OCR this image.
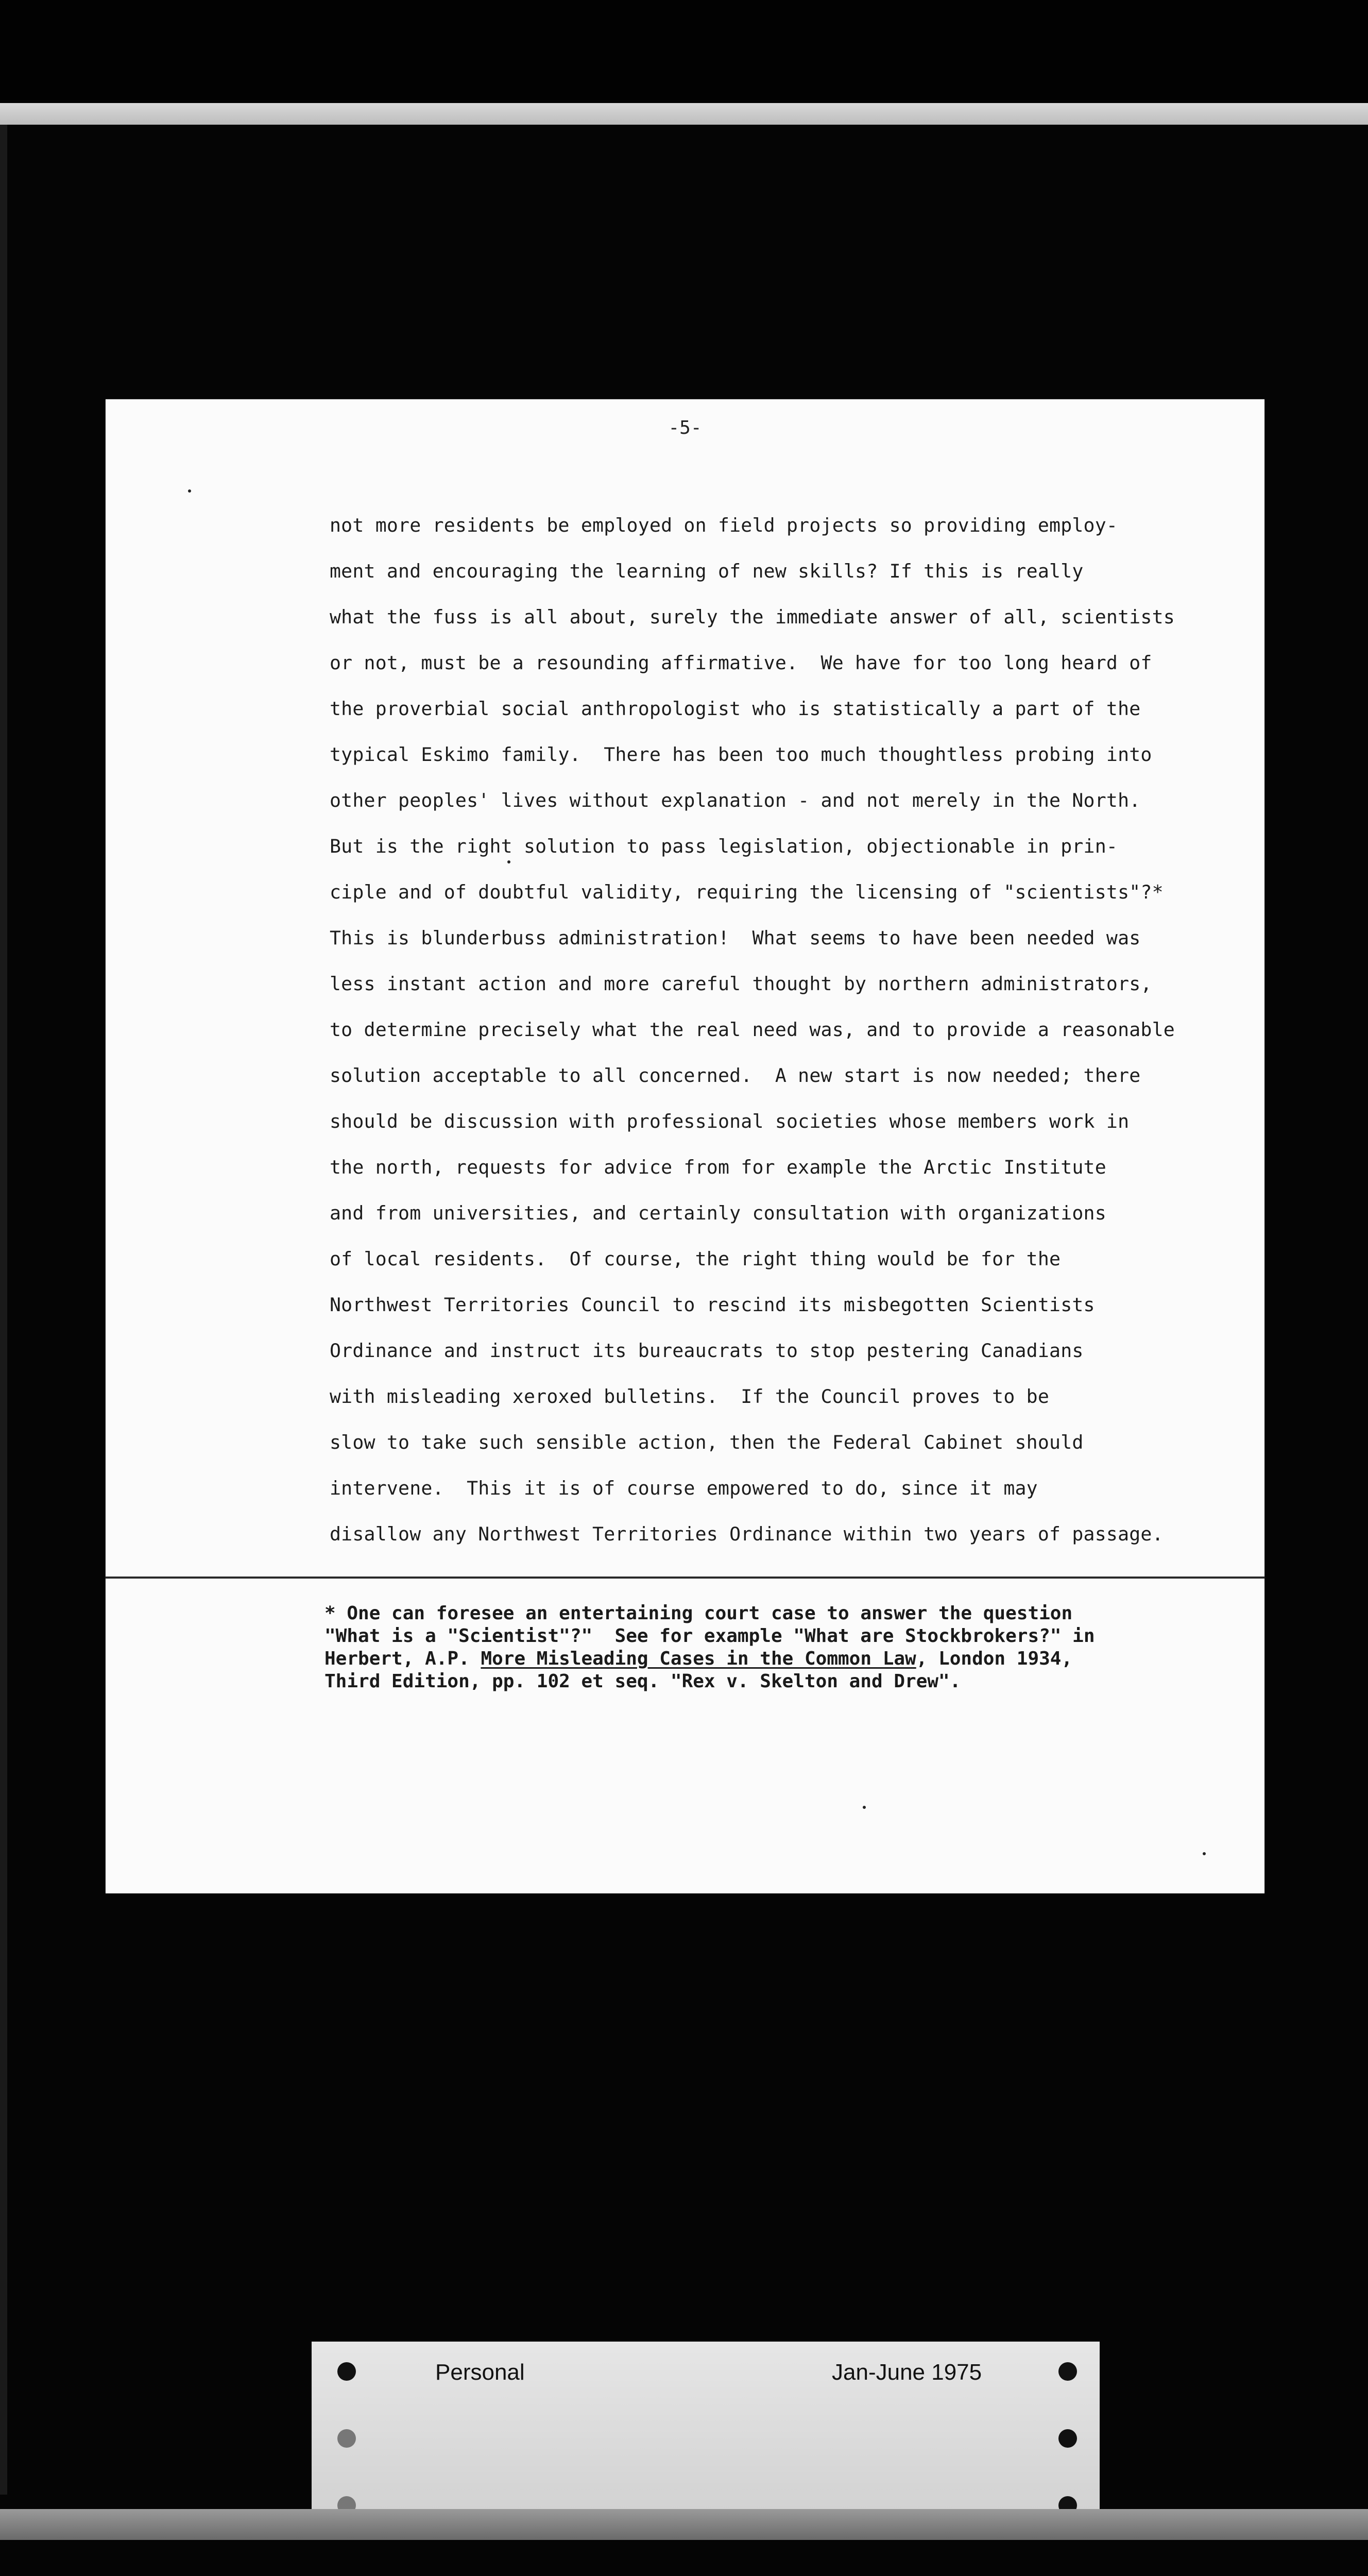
-5-
not more residents be employed on field projects so providing employ-
ment and encouraging the learning of new skills? If this is really
what the fuss is all about, surely the immediate answer of all, scientists
or not, must be a resounding affirmative.  We have for too long heard of
the proverbial social anthropologist who is statistically a part of the
typical Eskimo family.  There has been too much thoughtless probing into
other peoples' lives without explanation - and not merely in the North.
But is the right solution to pass legislation, objectionable in prin-
ciple and of doubtful validity, requiring the licensing of "scientists"?*
This is blunderbuss administration!  What seems to have been needed was
less instant action and more careful thought by northern administrators,
to determine precisely what the real need was, and to provide a reasonable
solution acceptable to all concerned.  A new start is now needed; there
should be discussion with professional societies whose members work in
the north, requests for advice from for example the Arctic Institute
and from universities, and certainly consultation with organizations
of local residents.  Of course, the right thing would be for the
Northwest Territories Council to rescind its misbegotten Scientists
Ordinance and instruct its bureaucrats to stop pestering Canadians
with misleading xeroxed bulletins.  If the Council proves to be
slow to take such sensible action, then the Federal Cabinet should
intervene.  This it is of course empowered to do, since it may
disallow any Northwest Territories Ordinance within two years of passage.
* One can foresee an entertaining court case to answer the question
"What is a "Scientist"?"  See for example "What are Stockbrokers?" in
Herbert, A.P. More Misleading Cases in the Common Law, London 1934,
Third Edition, pp. 102 et seq. "Rex v. Skelton and Drew".
Personal	Jan-June 1975
